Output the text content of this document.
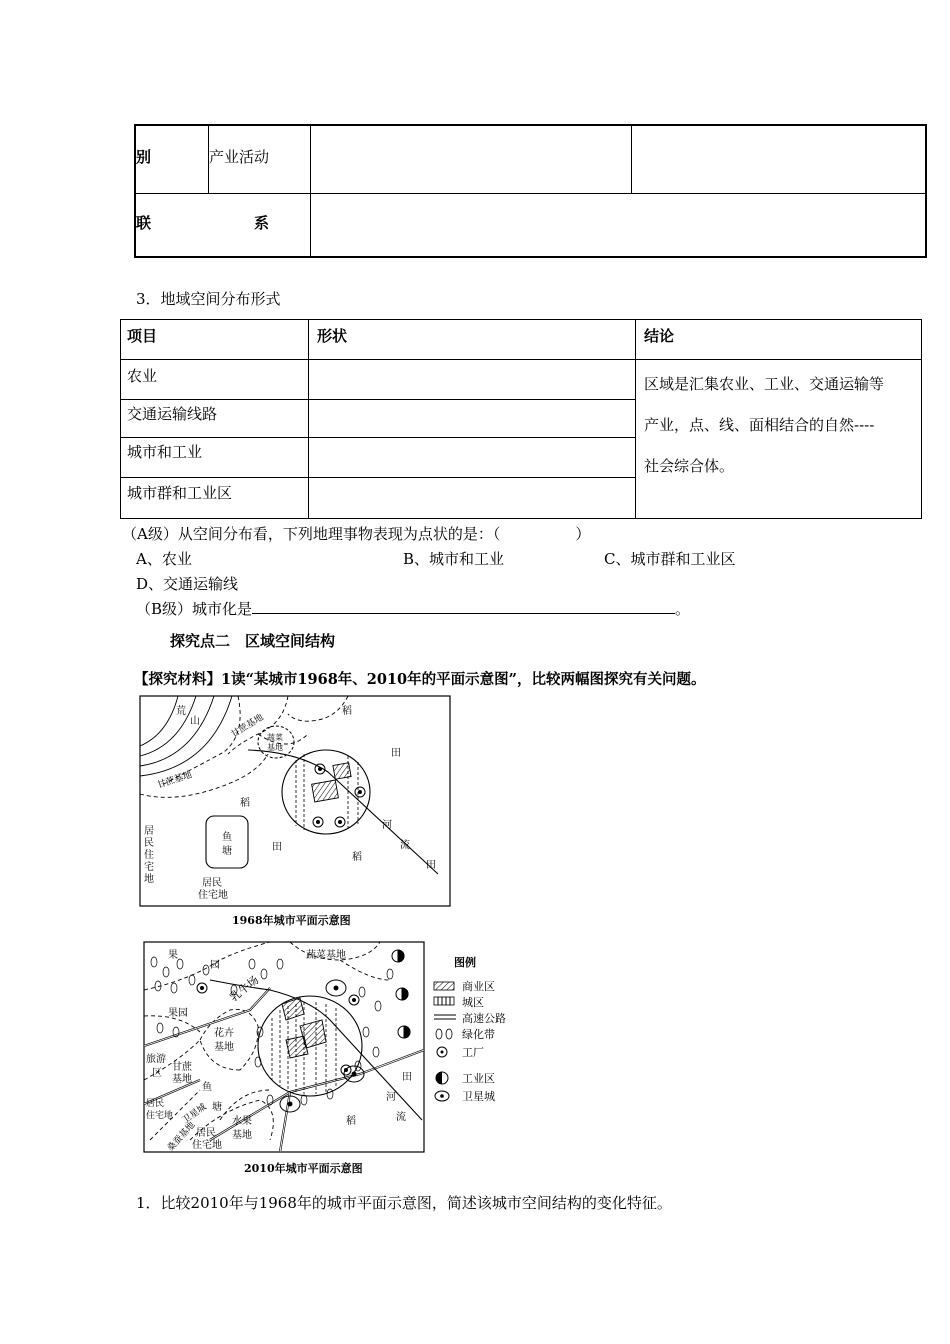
别	产业活动		

联 系			

3．地域空间分布形式
项目	形状	结论
农业		区域是汇集农业、工业、交通运输等
产业，点、线、面相结合的自然----
社会综合体。

交通运输线路		
城市和工业		
城市群和工业区		
（A级）从空间分布看，下列地理事物表现为点状的是：（　　　　　）
A、农业	B、城市和工业	C、城市群和工业区
D、交通运输线
（B级）城市化是	。
探究点二　区域空间结构
【探究材料】1读“某城市1968年、2010年的平面示意图”，比较两幅图探究有关问题。
荒
山	甘蔗基地
甘蔗基地
蔬菜
基地
稻
田
稻
鱼
塘	田
稻
河
流
田
居
民
住
宅
地	居民
住宅地
1968年城市平面示意图
果
园
乳牛场
蔬菜基地
果园
花卉
基地
旅游
区
甘蔗
基地
鱼
塘
卫星城
居民
住宅地
桑蚕基地
居民
住宅地
水果
基地
稻
河
流
田
图例
商业区
城区
高速公路
绿化带
工厂
工业区
卫星城
2010年城市平面示意图
1．比较2010年与1968年的城市平面示意图，简述该城市空间结构的变化特征。
